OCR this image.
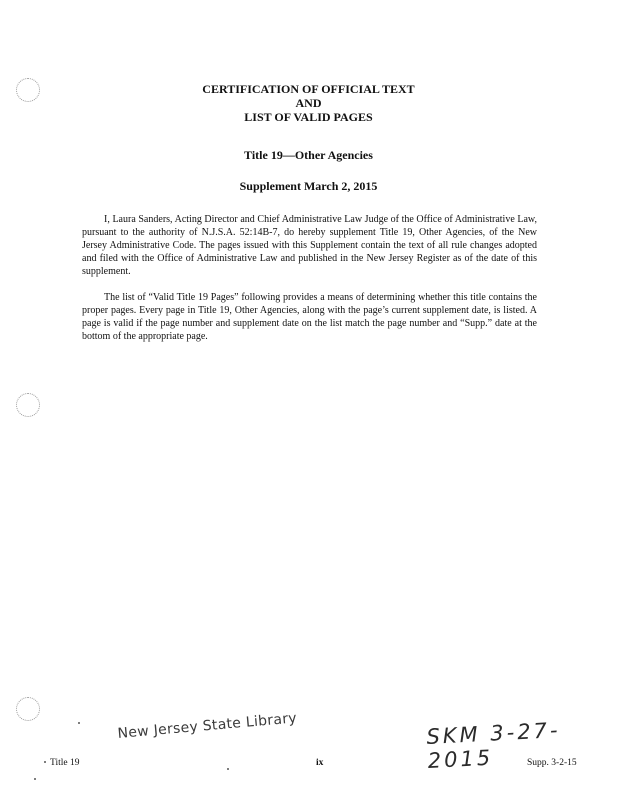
CERTIFICATION OF OFFICIAL TEXT
AND
LIST OF VALID PAGES
Title 19—Other Agencies
Supplement March 2, 2015

I, Laura Sanders, Acting Director and Chief Administrative Law Judge of the Office of Administrative Law, pursuant to the authority of N.J.S.A. 52:14B-7, do hereby supplement Title 19, Other Agencies, of the New Jersey Administrative Code. The pages issued with this Supplement contain the text of all rule changes adopted and filed with the Office of Administrative Law and published in the New Jersey Register as of the date of this supplement.

The list of “Valid Title 19 Pages” following provides a means of determining whether this title contains the proper pages. Every page in Title 19, Other Agencies, along with the page’s current supplement date, is listed. A page is valid if the page number and supplement date on the list match the page number and “Supp.” date at the bottom of the appropriate page.

New Jersey State Library	SKM 3-27-2015
Title 19	ix	Supp. 3-2-15
